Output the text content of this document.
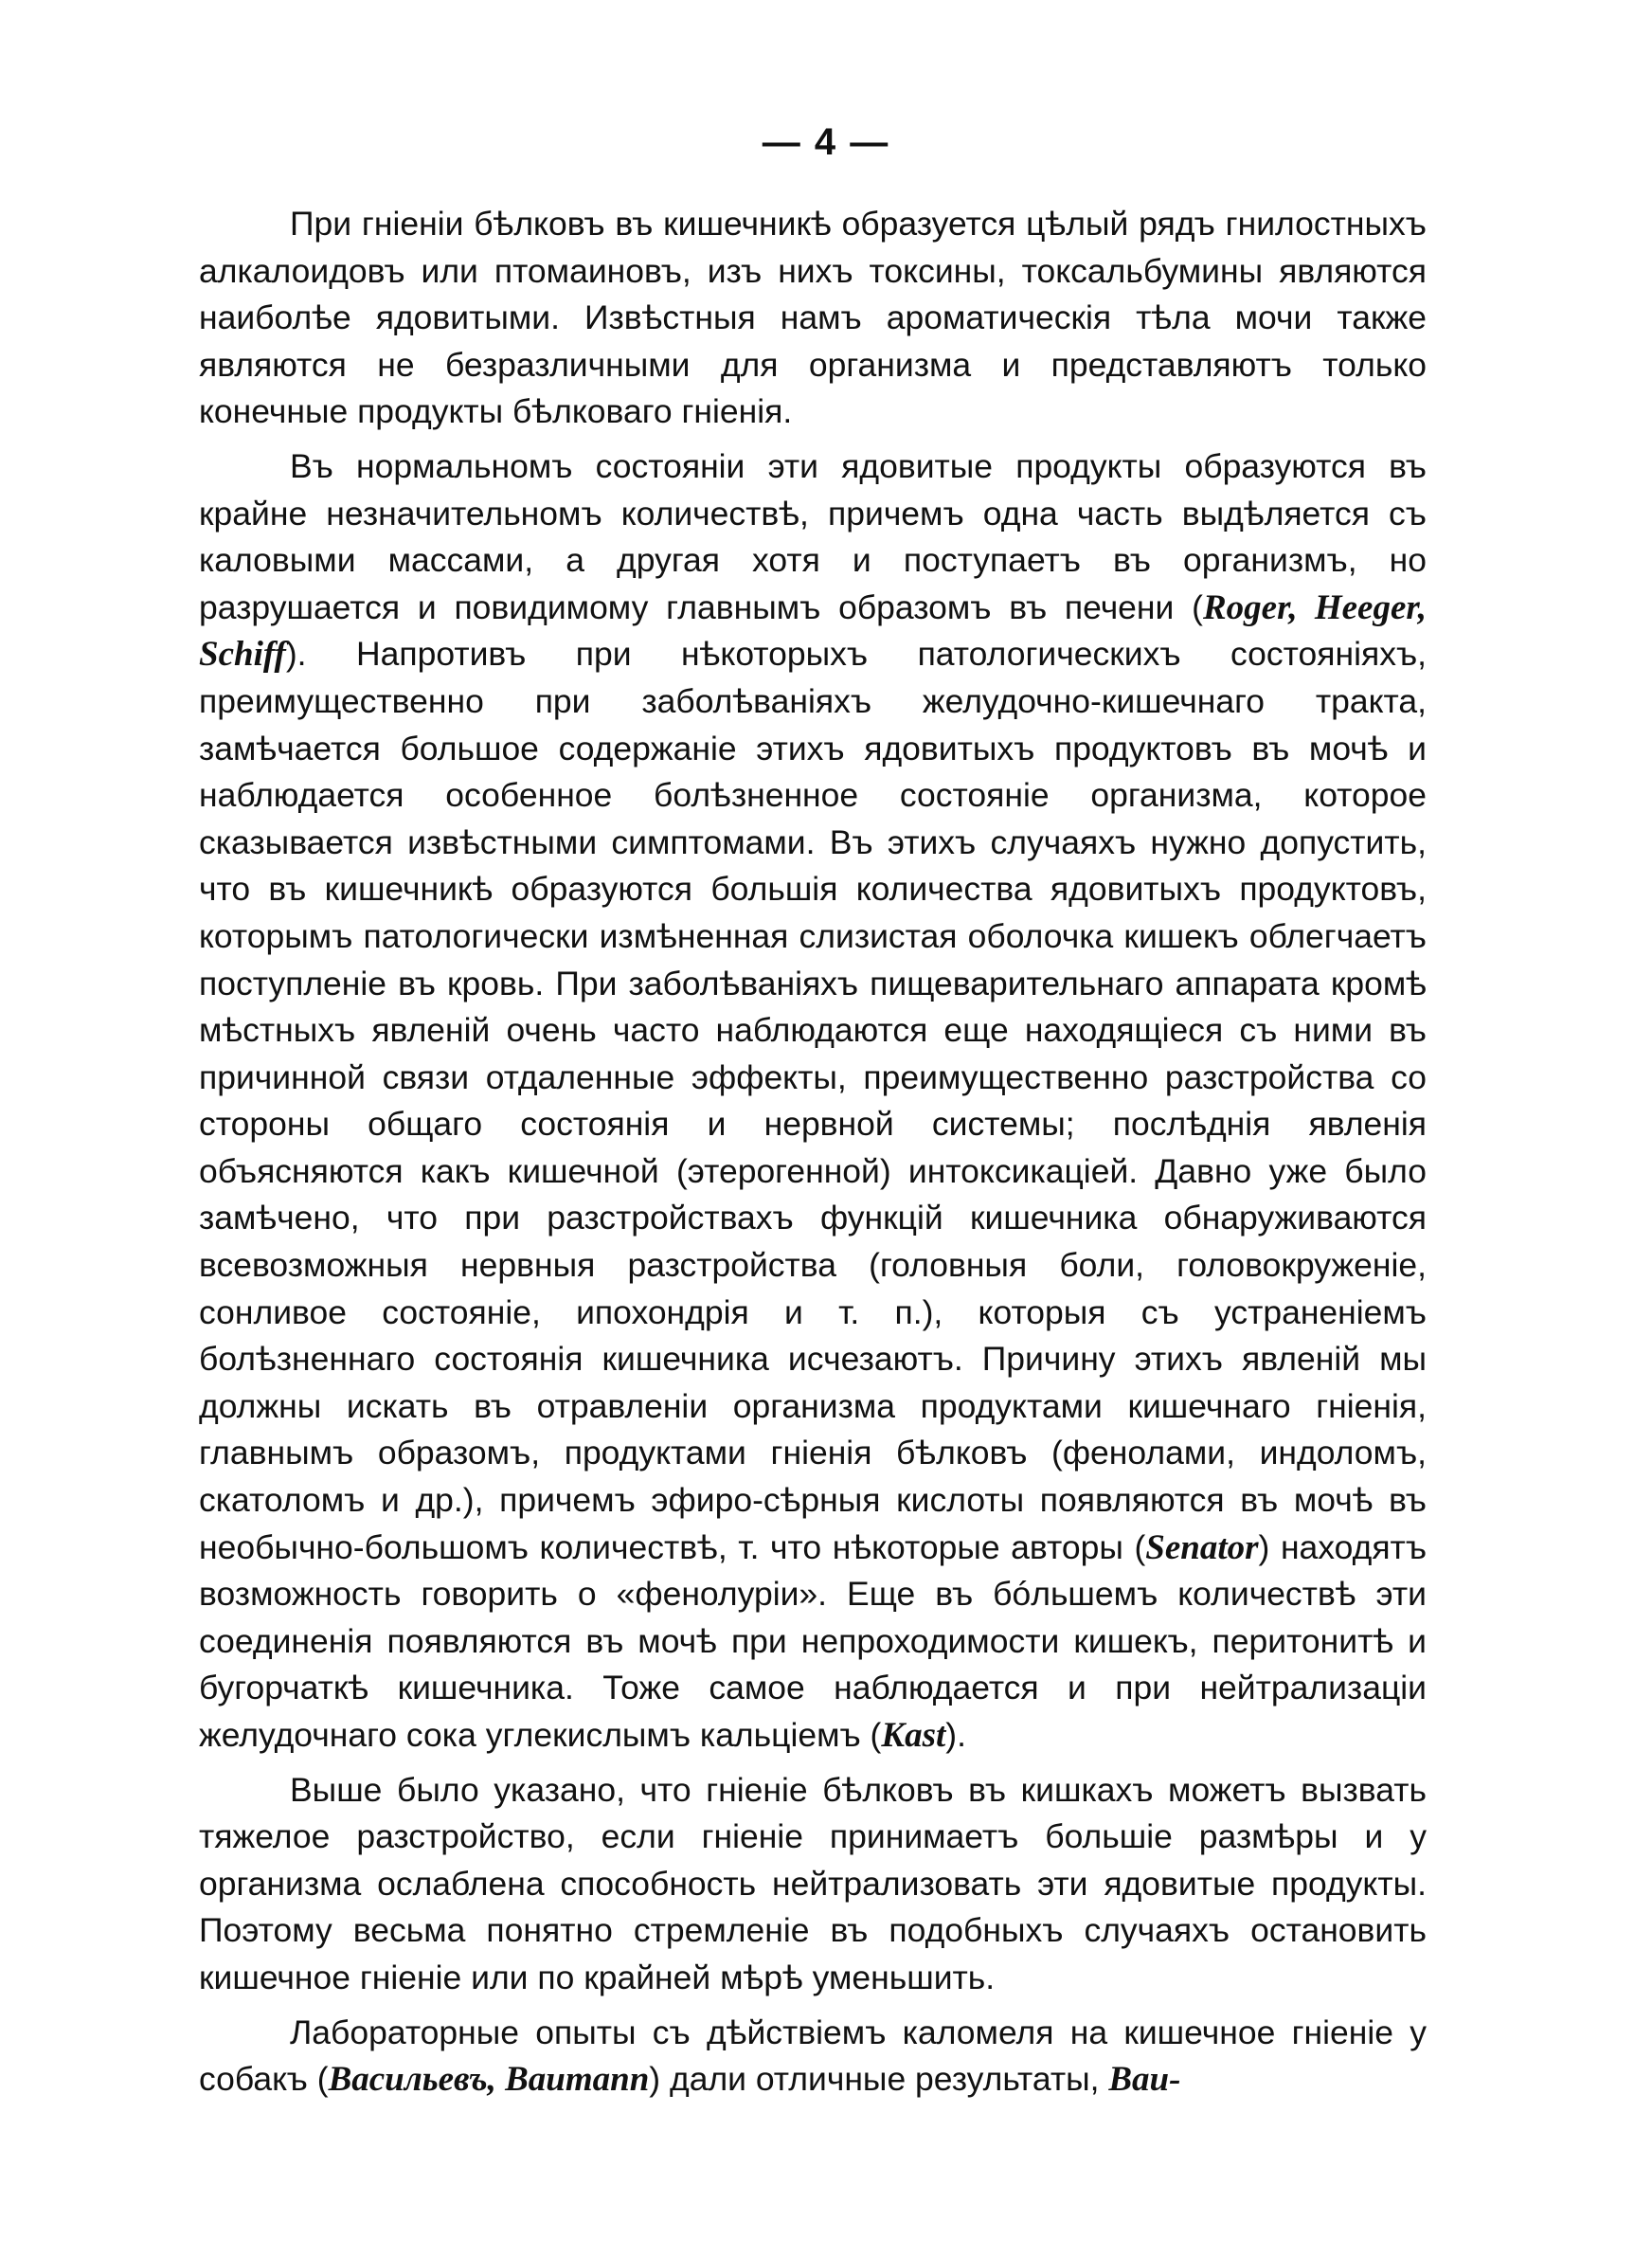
— 4 —

При гніеніи бѣлковъ въ кишечникѣ образуется цѣлый рядъ гнилостныхъ алкалоидовъ или птомаиновъ, изъ нихъ токсины, токсальбумины являются наиболѣе ядовитыми. Извѣстныя намъ ароматическія тѣла мочи также являются не безразличными для организма и представляютъ только конечные продукты бѣлковаго гніенія.

Въ нормальномъ состояніи эти ядовитые продукты образуются въ крайне незначительномъ количествѣ, причемъ одна часть выдѣляется съ каловыми массами, а другая хотя и поступаетъ въ организмъ, но разрушается и повидимому главнымъ образомъ въ печени (Roger, Heeger, Schiff). Напротивъ при нѣкоторыхъ патологическихъ состояніяхъ, преимущественно при заболѣваніяхъ желудочно-кишечнаго тракта, замѣчается большое содержаніе этихъ ядовитыхъ продуктовъ въ мочѣ и наблюдается особенное болѣзненное состояніе организма, которое сказывается извѣстными симптомами. Въ этихъ случаяхъ нужно допустить, что въ кишечникѣ образуются большія количества ядовитыхъ продуктовъ, которымъ патологически измѣненная слизистая оболочка кишекъ облегчаетъ поступленіе въ кровь. При заболѣваніяхъ пищеварительнаго аппарата кромѣ мѣстныхъ явленій очень часто наблюдаются еще находящіеся съ ними въ причинной связи отдаленные эффекты, преимущественно разстройства со стороны общаго состоянія и нервной системы; послѣднія явленія объясняются какъ кишечной (этерогенной) интоксикаціей. Давно уже было замѣчено, что при разстройствахъ функцій кишечника обнаруживаются всевозможныя нервныя разстройства (головныя боли, головокруженіе, сонливое состояніе, ипохондрія и т. п.), которыя съ устраненіемъ болѣзненнаго состоянія кишечника исчезаютъ. Причину этихъ явленій мы должны искать въ отравленіи организма продуктами кишечнаго гніенія, главнымъ образомъ, продуктами гніенія бѣлковъ (фенолами, индоломъ, скатоломъ и др.), причемъ эфиро-сѣрныя кислоты появляются въ мочѣ въ необычно-большомъ количествѣ, т. что нѣкоторые авторы (Senator) находятъ возможность говорить о «фенолуріи». Еще въ бóльшемъ количествѣ эти соединенія появляются въ мочѣ при непроходимости кишекъ, перитонитѣ и бугорчаткѣ кишечника. Тоже самое наблюдается и при нейтрализаціи желудочнаго сока углекислымъ кальціемъ (Kast).

Выше было указано, что гніеніе бѣлковъ въ кишкахъ можетъ вызвать тяжелое разстройство, если гніеніе принимаетъ большіе размѣры и у организма ослаблена способность нейтрализовать эти ядовитые продукты. Поэтому весьма понятно стремленіе въ подобныхъ случаяхъ остановить кишечное гніеніе или по крайней мѣрѣ уменьшить.

Лабораторные опыты съ дѣйствіемъ каломеля на кишечное гніеніе у собакъ (Васильевъ, Baumann) дали отличные результаты, Bau-
